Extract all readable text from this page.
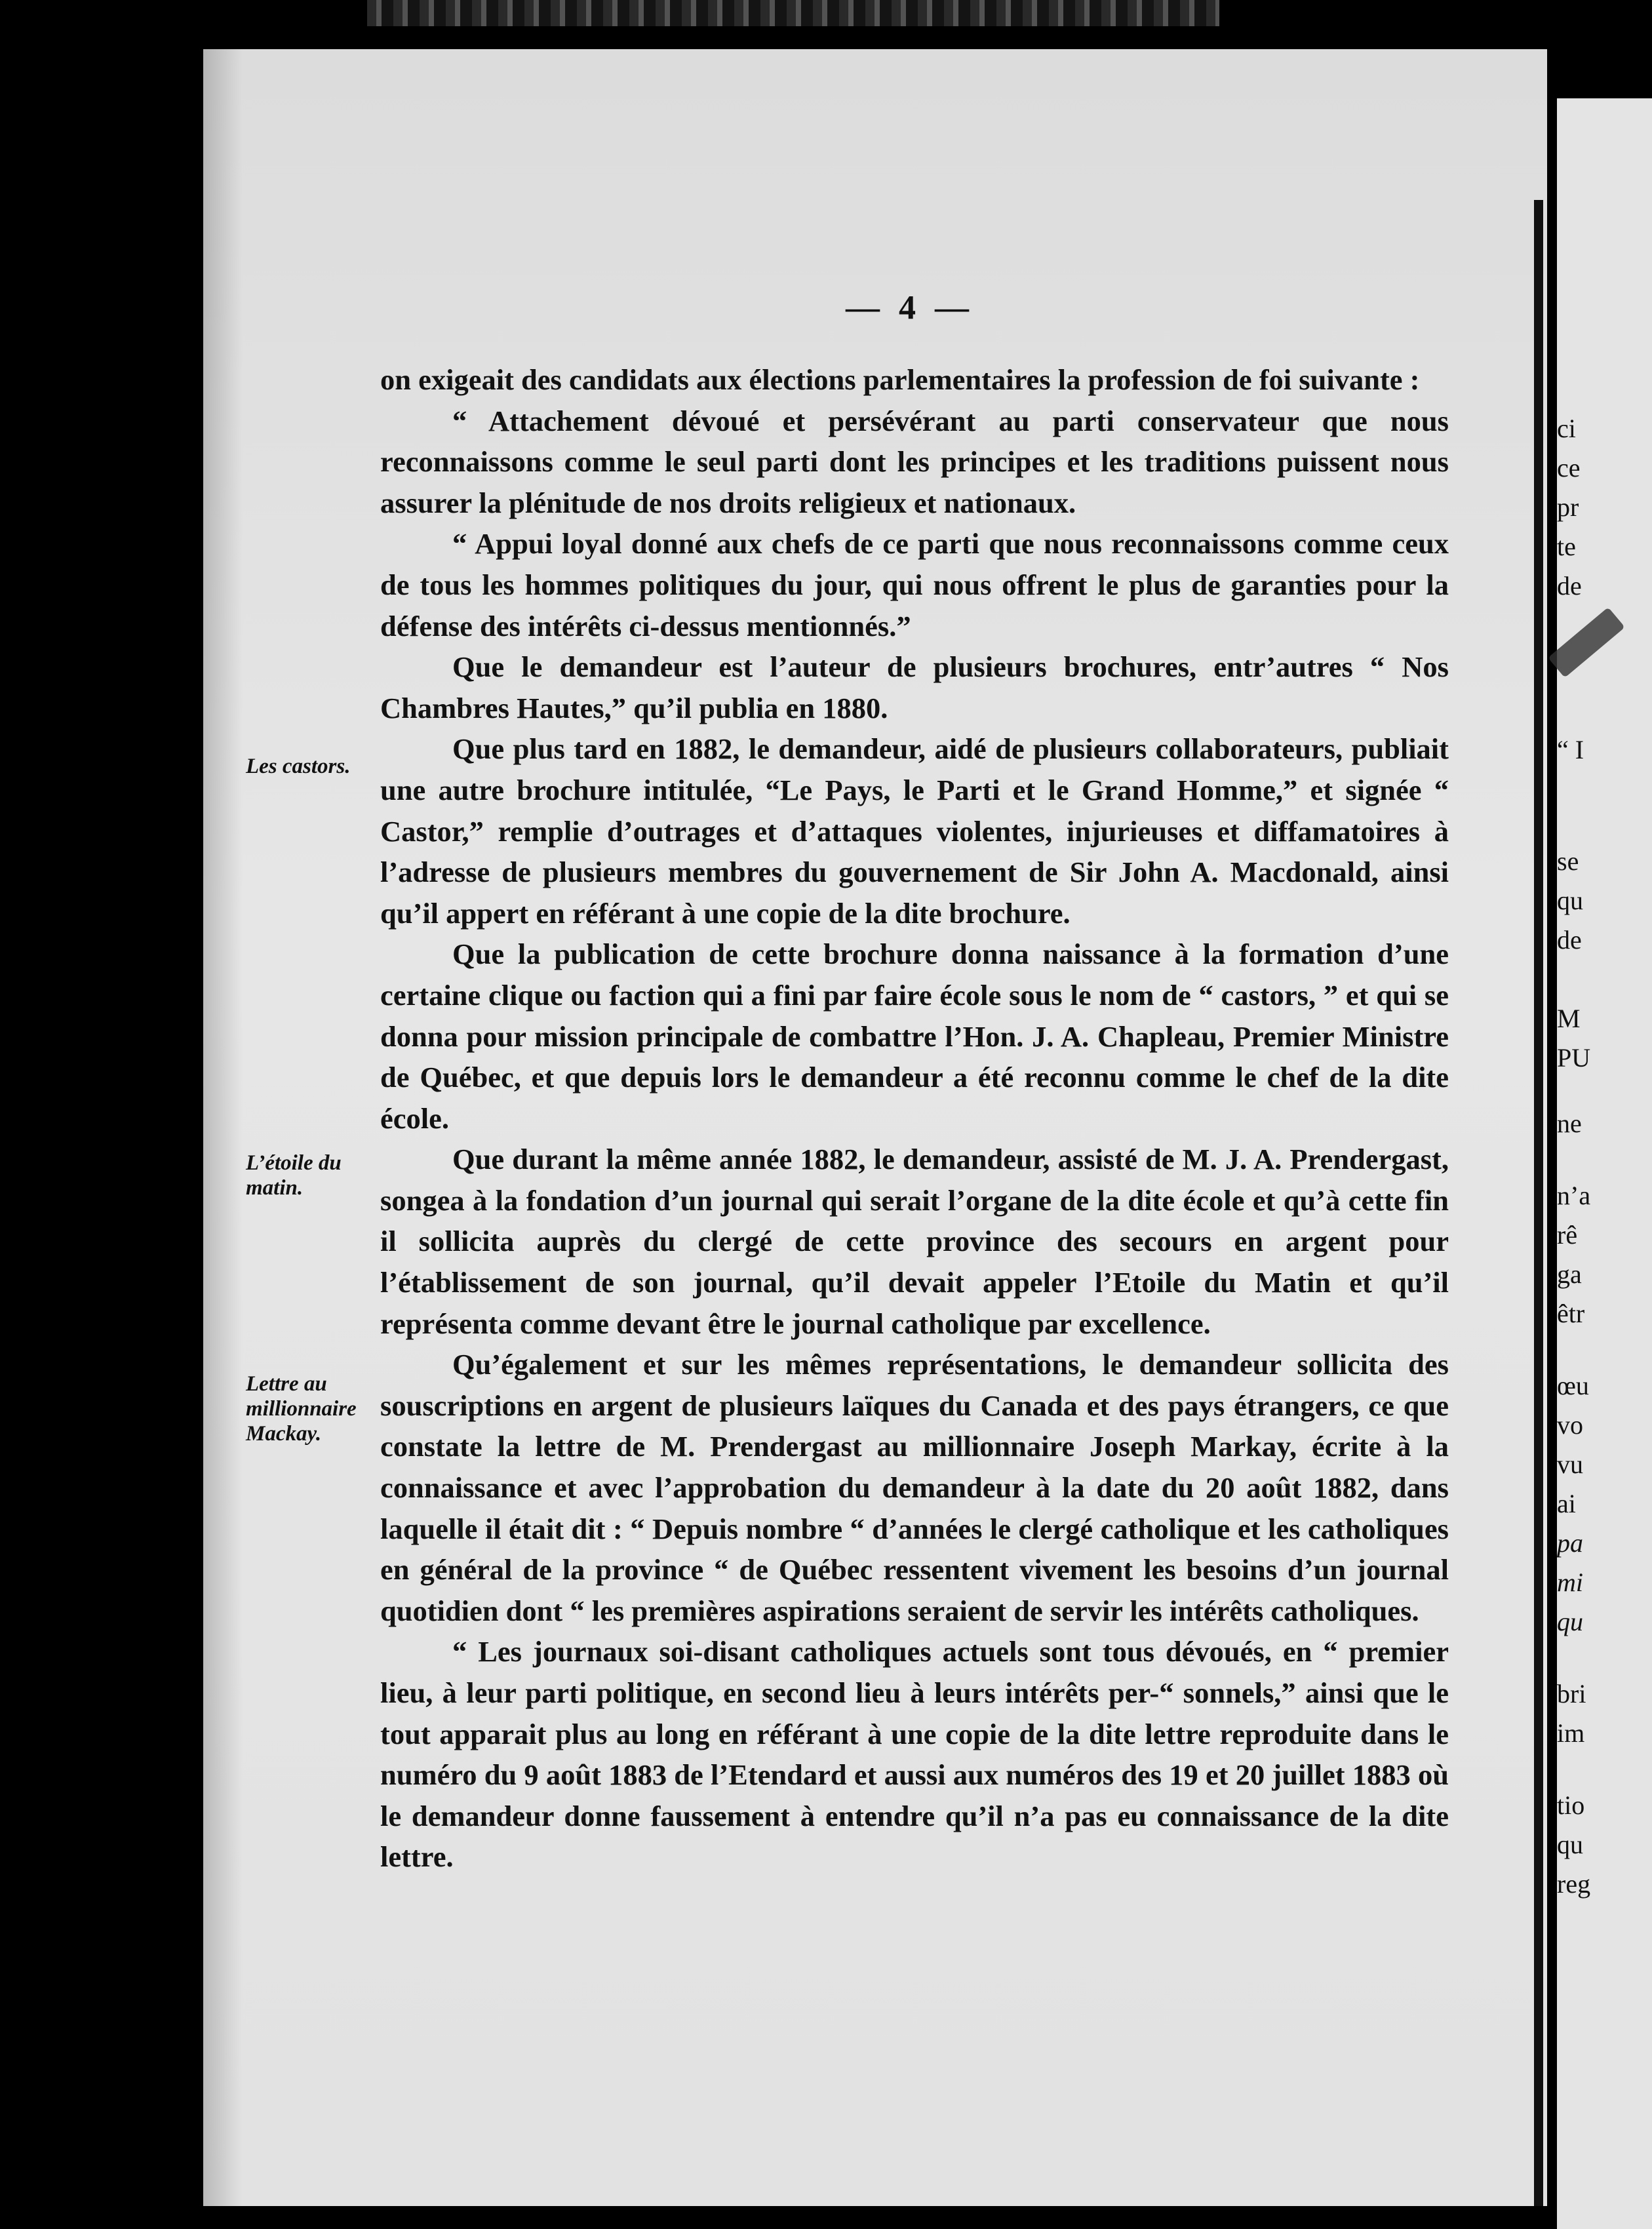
— 4 —
Les castors.
L’étoile du matin.
Lettre au millionnaire Mackay.

on exigeait des candidats aux élections parlementaires la profession de foi suivante :

“ Attachement dévoué et persévérant au parti conservateur que nous reconnaissons comme le seul parti dont les principes et les traditions puissent nous assurer la plénitude de nos droits religieux et nationaux.

“ Appui loyal donné aux chefs de ce parti que nous reconnaissons comme ceux de tous les hommes politiques du jour, qui nous offrent le plus de garanties pour la défense des intérêts ci-dessus mentionnés.”

Que le demandeur est l’auteur de plusieurs brochures, entr’autres “ Nos Chambres Hautes,” qu’il publia en 1880.

Que plus tard en 1882, le demandeur, aidé de plusieurs collaborateurs, publiait une autre brochure intitulée, “Le Pays, le Parti et le Grand Homme,” et signée “ Castor,” remplie d’outrages et d’attaques violentes, injurieuses et diffamatoires à l’adresse de plusieurs membres du gouvernement de Sir John A. Macdonald, ainsi qu’il appert en référant à une copie de la dite brochure.

Que la publication de cette brochure donna naissance à la formation d’une certaine clique ou faction qui a fini par faire école sous le nom de “ castors, ” et qui se donna pour mission principale de combattre l’Hon. J. A. Chapleau, Premier Ministre de Québec, et que depuis lors le demandeur a été reconnu comme le chef de la dite école.

Que durant la même année 1882, le demandeur, assisté de M. J. A. Prendergast, songea à la fondation d’un journal qui serait l’organe de la dite école et qu’à cette fin il sollicita auprès du clergé de cette province des secours en argent pour l’établissement de son journal, qu’il devait appeler l’Etoile du Matin et qu’il représenta comme devant être le journal catholique par excellence.

Qu’également et sur les mêmes représentations, le demandeur sollicita des souscriptions en argent de plusieurs laïques du Canada et des pays étrangers, ce que constate la lettre de M. Prendergast au millionnaire Joseph Markay, écrite à la connaissance et avec l’approbation du demandeur à la date du 20 août 1882, dans laquelle il était dit : “ Depuis nombre “ d’années le clergé catholique et les catholiques en général de la province “ de Québec ressentent vivement les besoins d’un journal quotidien dont “ les premières aspirations seraient de servir les intérêts catholiques.

“ Les journaux soi-disant catholiques actuels sont tous dévoués, en “ premier lieu, à leur parti politique, en second lieu à leurs intérêts per-“ sonnels,” ainsi que le tout apparait plus au long en référant à une copie de la dite lettre reproduite dans le numéro du 9 août 1883 de l’Etendard et aussi aux numéros des 19 et 20 juillet 1883 où le demandeur donne faussement à entendre qu’il n’a pas eu connaissance de la dite lettre.

ci
ce
pr
te
de
“ I
se
qu
de
M
PU
ne
n’a
rê
ga
êtr
œu
vo
vu
ai
pa
mi
qu
bri
im
tio
qu
reg
